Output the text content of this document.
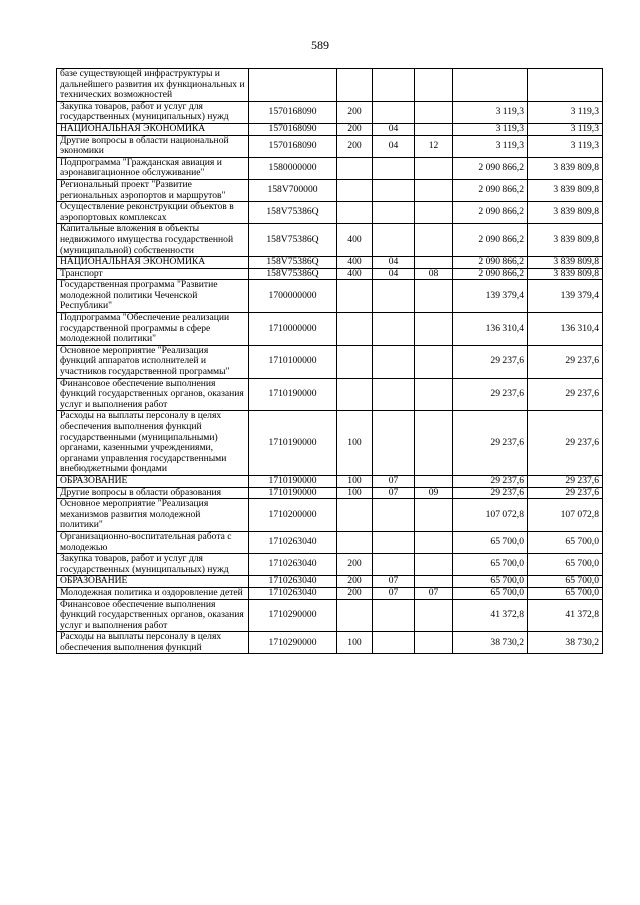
589
базе существующей инфраструктуры и дальнейшего развития их функциональных и технических возможностей						
Закупка товаров, работ и услуг для государственных (муниципальных) нужд	1570168090	200			3 119,3	3 119,3
НАЦИОНАЛЬНАЯ ЭКОНОМИКА	1570168090	200	04		3 119,3	3 119,3
Другие вопросы в области национальной экономики	1570168090	200	04	12	3 119,3	3 119,3
Подпрограмма "Гражданская авиация и аэронавигационное обслуживание"	1580000000				2 090 866,2	3 839 809,8
Региональный проект "Развитие региональных аэропортов и маршрутов"	158V700000				2 090 866,2	3 839 809,8
Осуществление реконструкции объектов в аэропортовых комплексах	158V75386Q				2 090 866,2	3 839 809,8
Капитальные вложения в объекты недвижимого имущества государственной (муниципальной) собственности	158V75386Q	400			2 090 866,2	3 839 809,8
НАЦИОНАЛЬНАЯ ЭКОНОМИКА	158V75386Q	400	04		2 090 866,2	3 839 809,8
Транспорт	158V75386Q	400	04	08	2 090 866,2	3 839 809,8
Государственная программа "Развитие молодежной политики Чеченской Республики"	1700000000				139 379,4	139 379,4
Подпрограмма "Обеспечение реализации государственной программы в сфере молодежной политики"	1710000000				136 310,4	136 310,4
Основное мероприятие "Реализация функций аппаратов исполнителей и участников государственной программы"	1710100000				29 237,6	29 237,6
Финансовое обеспечение выполнения функций государственных органов, оказания услуг и выполнения работ	1710190000				29 237,6	29 237,6
Расходы на выплаты персоналу в целях обеспечения выполнения функций государственными (муниципальными) органами, казенными учреждениями, органами управления государственными внебюджетными фондами	1710190000	100			29 237,6	29 237,6
ОБРАЗОВАНИЕ	1710190000	100	07		29 237,6	29 237,6
Другие вопросы в области образования	1710190000	100	07	09	29 237,6	29 237,6
Основное мероприятие "Реализация механизмов развития молодежной политики"	1710200000				107 072,8	107 072,8
Организационно-воспитательная работа с молодежью	1710263040				65 700,0	65 700,0
Закупка товаров, работ и услуг для государственных (муниципальных) нужд	1710263040	200			65 700,0	65 700,0
ОБРАЗОВАНИЕ	1710263040	200	07		65 700,0	65 700,0
Молодежная политика и оздоровление детей	1710263040	200	07	07	65 700,0	65 700,0
Финансовое обеспечение выполнения функций государственных органов, оказания услуг и выполнения работ	1710290000				41 372,8	41 372,8
Расходы на выплаты персоналу в целях обеспечения выполнения функций	1710290000	100			38 730,2	38 730,2
